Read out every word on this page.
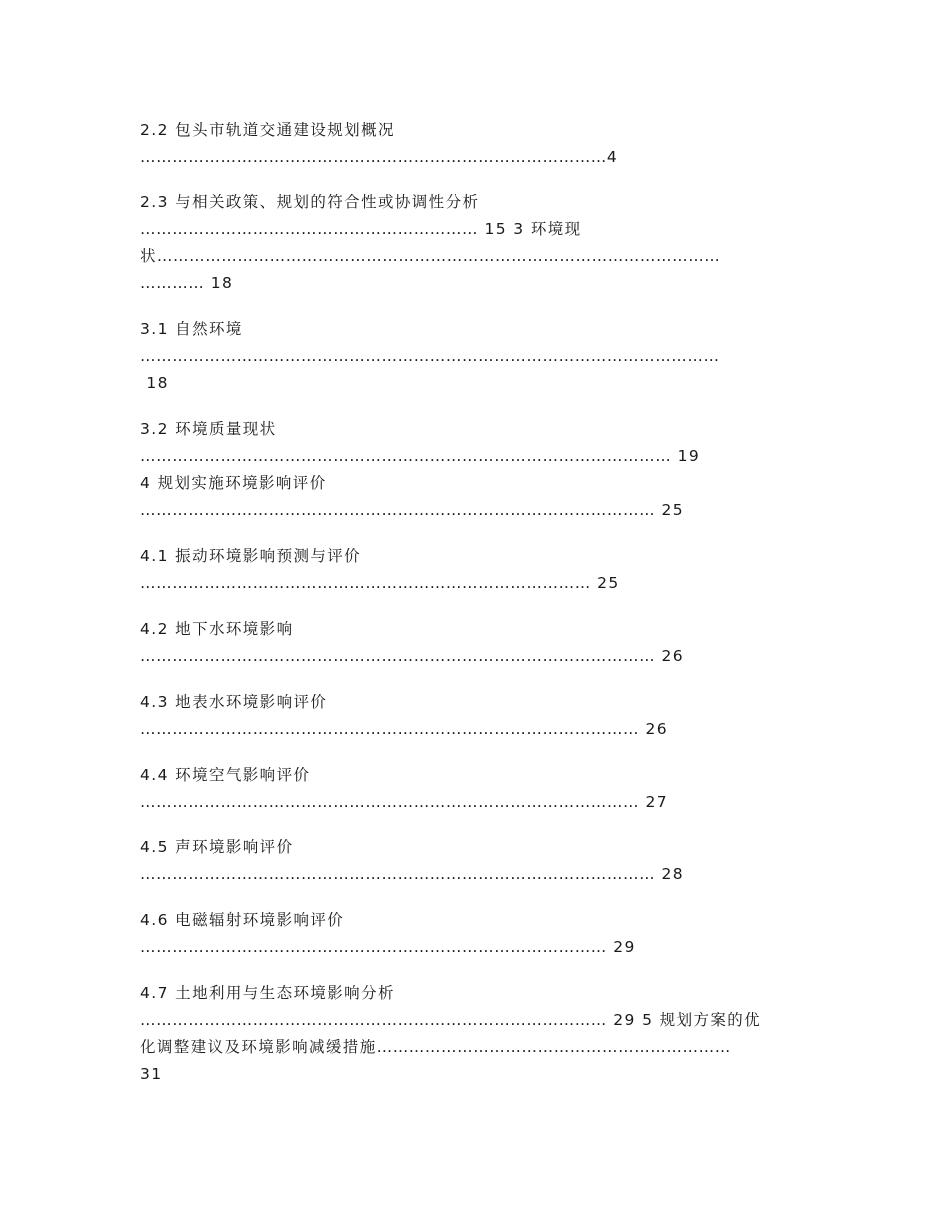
2.2 包头市轨道交通建设规划概况
……………………………………………………………………………4
2.3 与相关政策、规划的符合性或协调性分析
……………………………………………………… 15 3 环境现
状……………………………………………………………………………………………
………… 18
3.1 自然环境
………………………………………………………………………………………………
18
3.2 环境质量现状
……………………………………………………………………………………… 19
4 规划实施环境影响评价
…………………………………………………………………………………… 25
4.1 振动环境影响预测与评价
………………………………………………………………………… 25
4.2 地下水环境影响
…………………………………………………………………………………… 26
4.3 地表水环境影响评价
………………………………………………………………………………… 26
4.4 环境空气影响评价
………………………………………………………………………………… 27
4.5 声环境影响评价
…………………………………………………………………………………… 28
4.6 电磁辐射环境影响评价
…………………………………………………………………………… 29
4.7 土地利用与生态环境影响分析
…………………………………………………………………………… 29 5 规划方案的优
化调整建议及环境影响减缓措施…………………………………………………………
31
